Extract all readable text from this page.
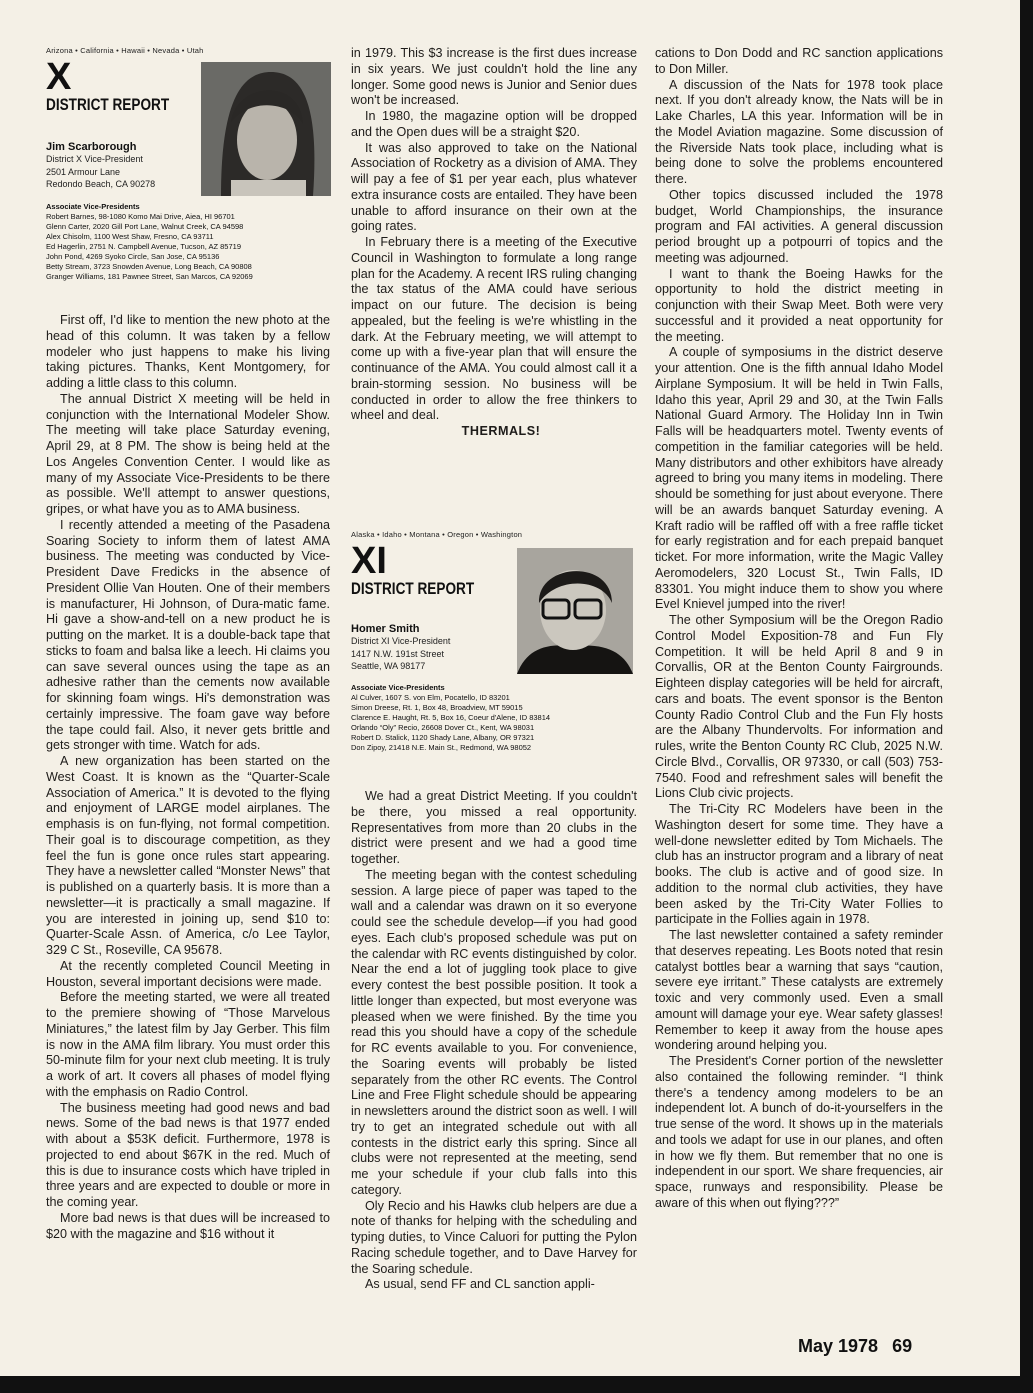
Arizona • California • Hawaii • Nevada • Utah
X
DISTRICT REPORT
Jim Scarborough
District X Vice-President
2501 Armour Lane
Redondo Beach, CA 90278
Associate Vice-Presidents
Robert Barnes, 98-1080 Komo Mai Drive, Aiea, HI 96701
Glenn Carter, 2020 Gill Port Lane, Walnut Creek, CA 94598
Alex Chisolm, 1100 West Shaw, Fresno, CA 93711
Ed Hagerlin, 2751 N. Campbell Avenue, Tucson, AZ 85719
John Pond, 4269 Syoko Circle, San Jose, CA 95136
Betty Stream, 3723 Snowden Avenue, Long Beach, CA 90808
Granger Williams, 181 Pawnee Street, San Marcos, CA 92069

First off, I'd like to mention the new photo at the head of this column. It was taken by a fellow modeler who just happens to make his living taking pictures. Thanks, Kent Montgomery, for adding a little class to this column.

The annual District X meeting will be held in conjunction with the International Modeler Show. The meeting will take place Saturday evening, April 29, at 8 PM. The show is being held at the Los Angeles Convention Center. I would like as many of my Associate Vice-Presidents to be there as possible. We'll attempt to answer questions, gripes, or what have you as to AMA business.

I recently attended a meeting of the Pasadena Soaring Society to inform them of latest AMA business. The meeting was conducted by Vice-President Dave Fredicks in the absence of President Ollie Van Houten. One of their members is manufacturer, Hi Johnson, of Dura-matic fame. Hi gave a show-and-tell on a new product he is putting on the market. It is a double-back tape that sticks to foam and balsa like a leech. Hi claims you can save several ounces using the tape as an adhesive rather than the cements now available for skinning foam wings. Hi's demonstration was certainly impressive. The foam gave way before the tape could fail. Also, it never gets brittle and gets stronger with time. Watch for ads.

A new organization has been started on the West Coast. It is known as the “Quarter-Scale Association of America.” It is devoted to the flying and enjoyment of LARGE model airplanes. The emphasis is on fun-flying, not formal competition. Their goal is to discourage competition, as they feel the fun is gone once rules start appearing. They have a newsletter called “Monster News” that is published on a quarterly basis. It is more than a newsletter—it is practically a small magazine. If you are interested in joining up, send $10 to: Quarter-Scale Assn. of America, c/o Lee Taylor, 329 C St., Roseville, CA 95678.

At the recently completed Council Meeting in Houston, several important decisions were made.

Before the meeting started, we were all treated to the premiere showing of “Those Marvelous Miniatures,” the latest film by Jay Gerber. This film is now in the AMA film library. You must order this 50-minute film for your next club meeting. It is truly a work of art. It covers all phases of model flying with the emphasis on Radio Control.

The business meeting had good news and bad news. Some of the bad news is that 1977 ended with about a $53K deficit. Furthermore, 1978 is projected to end about $67K in the red. Much of this is due to insurance costs which have tripled in three years and are expected to double or more in the coming year.

More bad news is that dues will be increased to $20 with the magazine and $16 without it

in 1979. This $3 increase is the first dues increase in six years. We just couldn't hold the line any longer. Some good news is Junior and Senior dues won't be increased.

In 1980, the magazine option will be dropped and the Open dues will be a straight $20.

It was also approved to take on the National Association of Rocketry as a division of AMA. They will pay a fee of $1 per year each, plus whatever extra insurance costs are entailed. They have been unable to afford insurance on their own at the going rates.

In February there is a meeting of the Executive Council in Washington to formulate a long range plan for the Academy. A recent IRS ruling changing the tax status of the AMA could have serious impact on our future. The decision is being appealed, but the feeling is we're whistling in the dark. At the February meeting, we will attempt to come up with a five-year plan that will ensure the continuance of the AMA. You could almost call it a brain-storming session. No business will be conducted in order to allow the free thinkers to wheel and deal.

THERMALS!

Alaska • Idaho • Montana • Oregon • Washington
XI
DISTRICT REPORT
Homer Smith
District XI Vice-President
1417 N.W. 191st Street
Seattle, WA 98177
Associate Vice-Presidents
Al Culver, 1607 S. von Elm, Pocatello, ID 83201
Simon Dreese, Rt. 1, Box 48, Broadview, MT 59015
Clarence E. Haught, Rt. 5, Box 16, Coeur d'Alene, ID 83814
Orlando “Oly” Recio, 26608 Dover Ct., Kent, WA 98031
Robert D. Stalick, 1120 Shady Lane, Albany, OR 97321
Don Zipoy, 21418 N.E. Main St., Redmond, WA 98052

We had a great District Meeting. If you couldn't be there, you missed a real opportunity. Representatives from more than 20 clubs in the district were present and we had a good time together.

The meeting began with the contest scheduling session. A large piece of paper was taped to the wall and a calendar was drawn on it so everyone could see the schedule develop—if you had good eyes. Each club's proposed schedule was put on the calendar with RC events distinguished by color. Near the end a lot of juggling took place to give every contest the best possible position. It took a little longer than expected, but most everyone was pleased when we were finished. By the time you read this you should have a copy of the schedule for RC events available to you. For convenience, the Soaring events will probably be listed separately from the other RC events. The Control Line and Free Flight schedule should be appearing in newsletters around the district soon as well. I will try to get an integrated schedule out with all contests in the district early this spring. Since all clubs were not represented at the meeting, send me your schedule if your club falls into this category.

Oly Recio and his Hawks club helpers are due a note of thanks for helping with the scheduling and typing duties, to Vince Caluori for putting the Pylon Racing schedule together, and to Dave Harvey for the Soaring schedule.

As usual, send FF and CL sanction appli-

cations to Don Dodd and RC sanction applications to Don Miller.

A discussion of the Nats for 1978 took place next. If you don't already know, the Nats will be in Lake Charles, LA this year. Information will be in the Model Aviation magazine. Some discussion of the Riverside Nats took place, including what is being done to solve the problems encountered there.

Other topics discussed included the 1978 budget, World Championships, the insurance program and FAI activities. A general discussion period brought up a potpourri of topics and the meeting was adjourned.

I want to thank the Boeing Hawks for the opportunity to hold the district meeting in conjunction with their Swap Meet. Both were very successful and it provided a neat opportunity for the meeting.

A couple of symposiums in the district deserve your attention. One is the fifth annual Idaho Model Airplane Symposium. It will be held in Twin Falls, Idaho this year, April 29 and 30, at the Twin Falls National Guard Armory. The Holiday Inn in Twin Falls will be headquarters motel. Twenty events of competition in the familiar categories will be held. Many distributors and other exhibitors have already agreed to bring you many items in modeling. There should be something for just about everyone. There will be an awards banquet Saturday evening. A Kraft radio will be raffled off with a free raffle ticket for early registration and for each prepaid banquet ticket. For more information, write the Magic Valley Aeromodelers, 320 Locust St., Twin Falls, ID 83301. You might induce them to show you where Evel Knievel jumped into the river!

The other Symposium will be the Oregon Radio Control Model Exposition-78 and Fun Fly Competition. It will be held April 8 and 9 in Corvallis, OR at the Benton County Fairgrounds. Eighteen display categories will be held for aircraft, cars and boats. The event sponsor is the Benton County Radio Control Club and the Fun Fly hosts are the Albany Thundervolts. For information and rules, write the Benton County RC Club, 2025 N.W. Circle Blvd., Corvallis, OR 97330, or call (503) 753-7540. Food and refreshment sales will benefit the Lions Club civic projects.

The Tri-City RC Modelers have been in the Washington desert for some time. They have a well-done newsletter edited by Tom Michaels. The club has an instructor program and a library of neat books. The club is active and of good size. In addition to the normal club activities, they have been asked by the Tri-City Water Follies to participate in the Follies again in 1978.

The last newsletter contained a safety reminder that deserves repeating. Les Boots noted that resin catalyst bottles bear a warning that says “caution, severe eye irritant.” These catalysts are extremely toxic and very commonly used. Even a small amount will damage your eye. Wear safety glasses! Remember to keep it away from the house apes wondering around helping you.

The President's Corner portion of the newsletter also contained the following reminder. “I think there's a tendency among modelers to be an independent lot. A bunch of do-it-yourselfers in the true sense of the word. It shows up in the materials and tools we adapt for use in our planes, and often in how we fly them. But remember that no one is independent in our sport. We share frequencies, air space, runways and responsibility. Please be aware of this when out flying???”

May 1978 69
